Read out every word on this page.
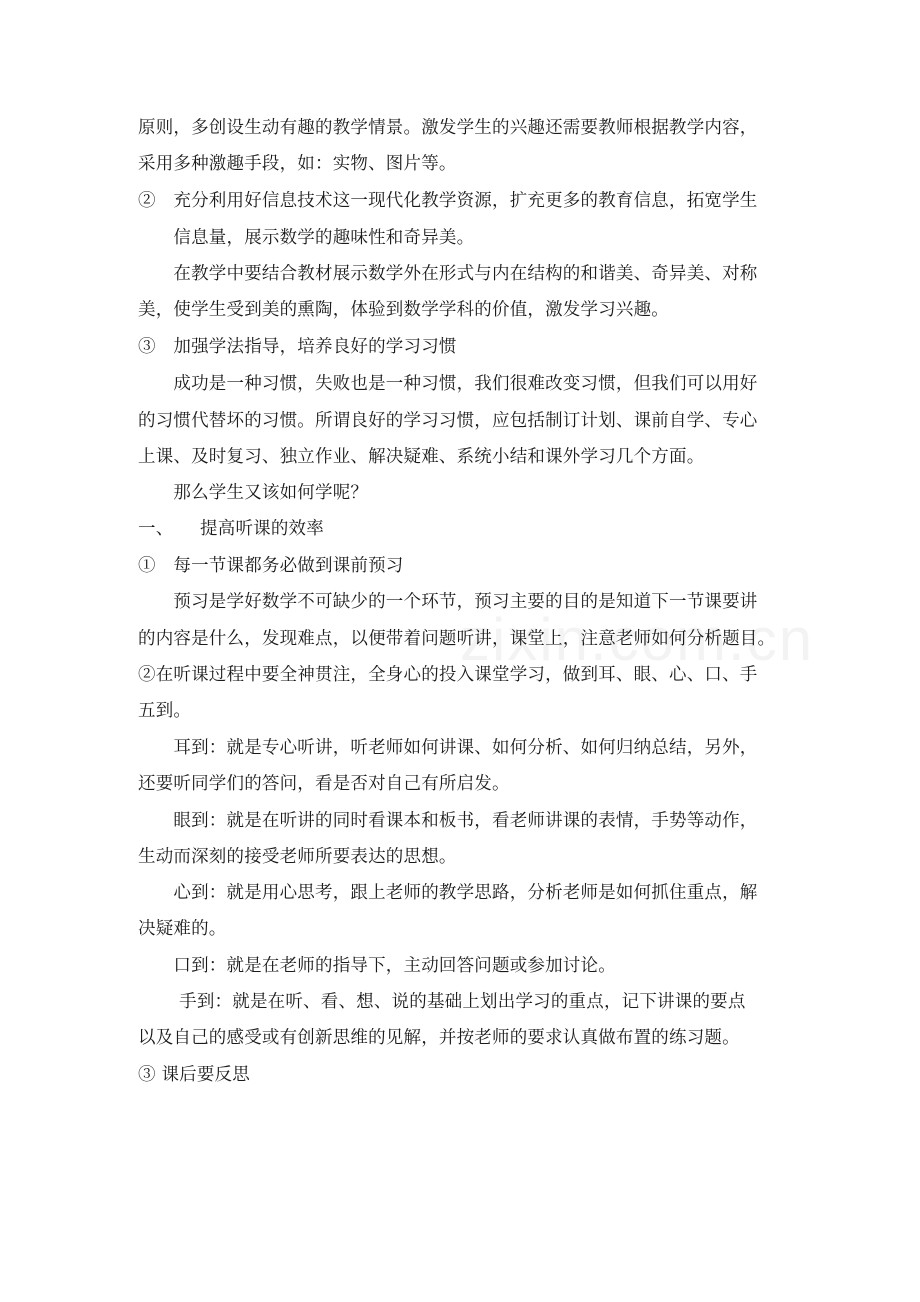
原则，多创设生动有趣的教学情景。激发学生的兴趣还需要教师根据教学内容，
采用多种激趣手段，如：实物、图片等。
②　充分利用好信息技术这一现代化教学资源，扩充更多的教育信息，拓宽学生
　　信息量，展示数学的趣味性和奇异美。
　　在教学中要结合教材展示数学外在形式与内在结构的和谐美、奇异美、对称
美，使学生受到美的熏陶，体验到数学学科的价值，激发学习兴趣。
③　加强学法指导，培养良好的学习习惯
　　成功是一种习惯，失败也是一种习惯，我们很难改变习惯，但我们可以用好
的习惯代替坏的习惯。所谓良好的学习习惯，应包括制订计划、课前自学、专心
上课、及时复习、独立作业、解决疑难、系统小结和课外学习几个方面。
　　那么学生又该如何学呢？
一、　　提高听课的效率
①　每一节课都务必做到课前预习
　　预习是学好数学不可缺少的一个环节，预习主要的目的是知道下一节课要讲
的内容是什么，发现难点，以便带着问题听讲，课堂上，注意老师如何分析题目。
②在听课过程中要全神贯注，全身心的投入课堂学习，做到耳、眼、心、口、手
五到。
　　耳到：就是专心听讲，听老师如何讲课、如何分析、如何归纳总结，另外，
还要听同学们的答问，看是否对自己有所启发。
　　眼到：就是在听讲的同时看课本和板书，看老师讲课的表情，手势等动作，
生动而深刻的接受老师所要表达的思想。
　　心到：就是用心思考，跟上老师的教学思路，分析老师是如何抓住重点，解
决疑难的。
　　口到：就是在老师的指导下，主动回答问题或参加讨论。
　　 手到：就是在听、看、想、说的基础上划出学习的重点，记下讲课的要点
以及自己的感受或有创新思维的见解，并按老师的要求认真做布置的练习题。
③ 课后要反思
